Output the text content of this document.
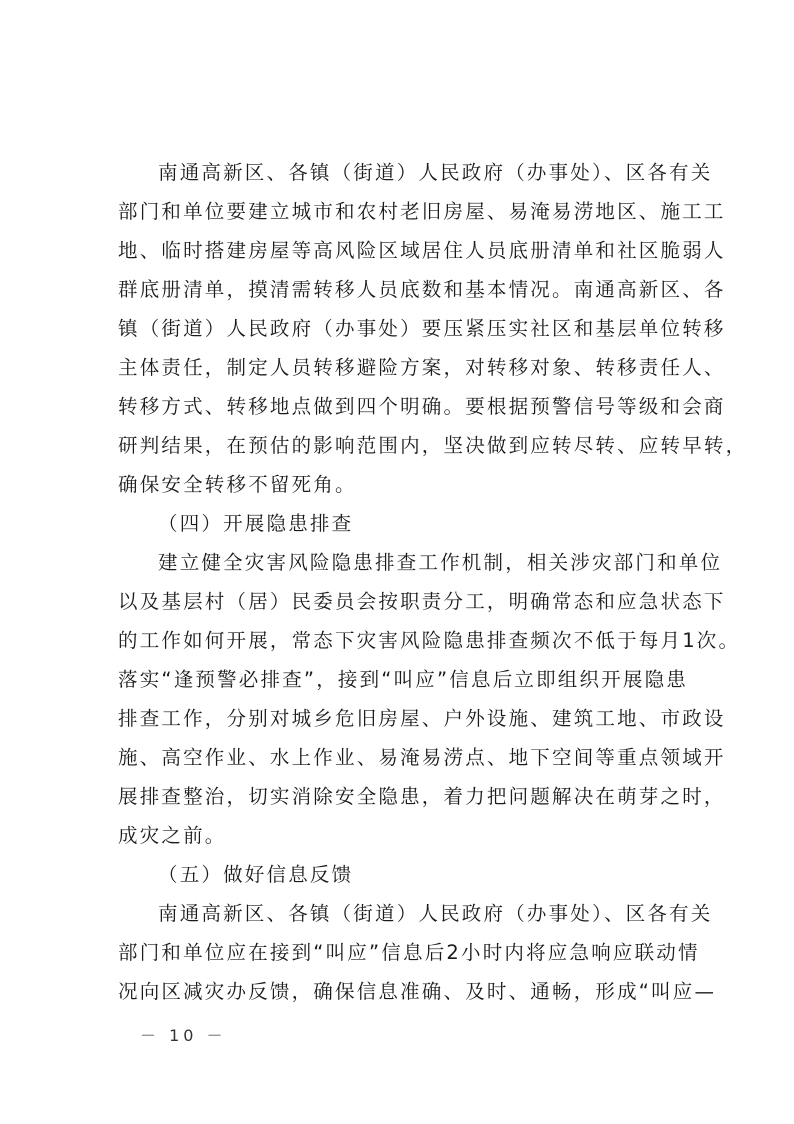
南通高新区、各镇（街道）人民政府（办事处）、区各有关
部门和单位要建立城市和农村老旧房屋、易淹易涝地区、施工工
地、临时搭建房屋等高风险区域居住人员底册清单和社区脆弱人
群底册清单，摸清需转移人员底数和基本情况。南通高新区、各
镇（街道）人民政府（办事处）要压紧压实社区和基层单位转移
主体责任，制定人员转移避险方案，对转移对象、转移责任人、
转移方式、转移地点做到四个明确。要根据预警信号等级和会商
研判结果，在预估的影响范围内，坚决做到应转尽转、应转早转，
确保安全转移不留死角。
（四）开展隐患排查
建立健全灾害风险隐患排查工作机制，相关涉灾部门和单位
以及基层村（居）民委员会按职责分工，明确常态和应急状态下
的工作如何开展，常态下灾害风险隐患排查频次不低于每月1次。
落实“逢预警必排查”，接到“叫应”信息后立即组织开展隐患
排查工作，分别对城乡危旧房屋、户外设施、建筑工地、市政设
施、高空作业、水上作业、易淹易涝点、地下空间等重点领域开
展排查整治，切实消除安全隐患，着力把问题解决在萌芽之时，
成灾之前。
（五）做好信息反馈
南通高新区、各镇（街道）人民政府（办事处）、区各有关
部门和单位应在接到“叫应”信息后2小时内将应急响应联动情
况向区减灾办反馈，确保信息准确、及时、通畅，形成“叫应—
－ 10 －
